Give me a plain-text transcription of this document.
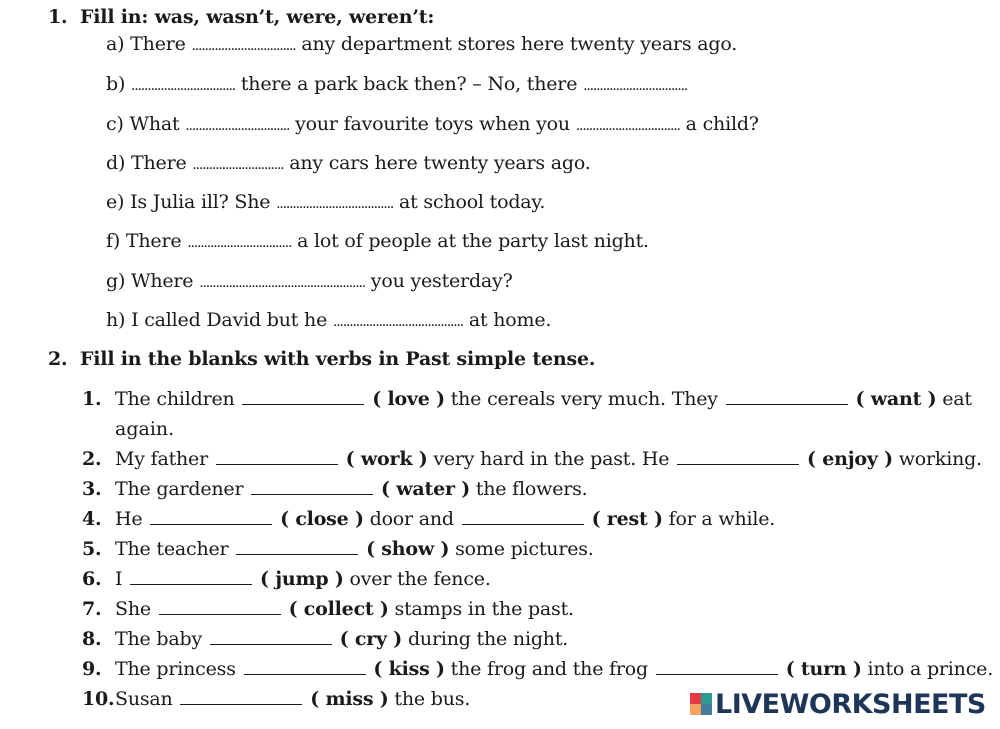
1. Fill in: was, wasn’t, were, weren’t:
a) There ................................ any department stores here twenty years ago.
b) ................................ there a park back then? – No, there ................................
c) What ................................ your favourite toys when you ................................ a child?
d) There ............................ any cars here twenty years ago.
e) Is Julia ill? She .................................... at school today.
f) There ................................ a lot of people at the party last night.
g) Where ................................................... you yesterday?
h) I called David but he ........................................ at home.
2. Fill in the blanks with verbs in Past simple tense.
1. The children	( love ) the cereals very much. They	( want ) eat
again.
2. My father	( work ) very hard in the past. He	( enjoy ) working.
3. The gardener	( water ) the flowers.
4. He	( close ) door and	( rest ) for a while.
5. The teacher	( show ) some pictures.
6. I	( jump ) over the fence.
7. She	( collect ) stamps in the past.
8. The baby	( cry ) during the night.
9. The princess	( kiss ) the frog and the frog	( turn ) into a prince.
10.Susan	( miss ) the bus.	LIVEWORKSHEETS
